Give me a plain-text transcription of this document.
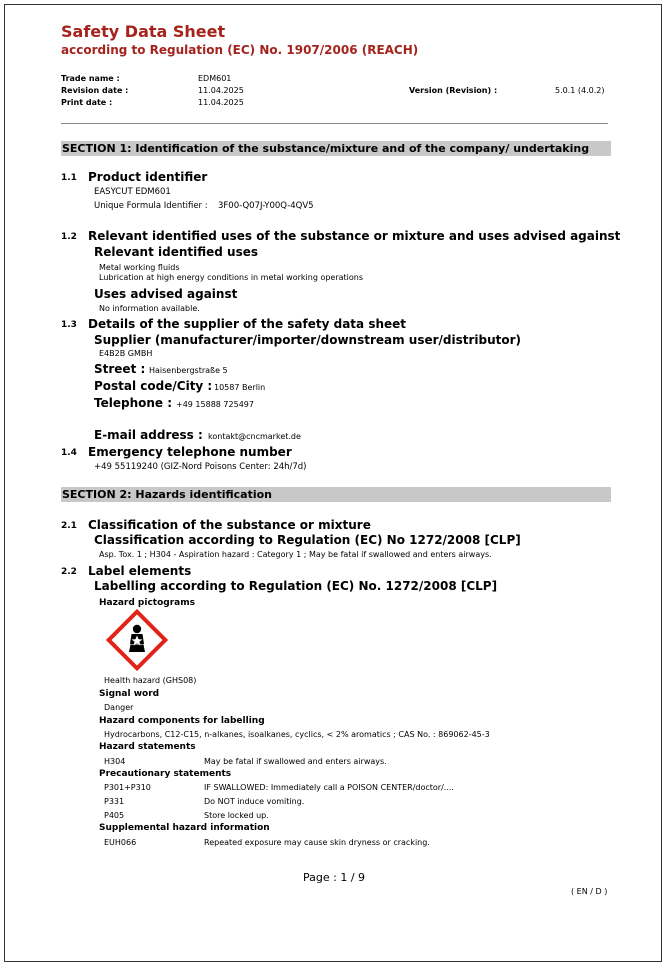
Safety Data Sheet
according to Regulation (EC) No. 1907/2006 (REACH)
Trade name :	EDM601
Revision date :	11.04.2025
Print date :	11.04.2025
Version (Revision) :	5.0.1 (4.0.2)
SECTION 1: Identification of the substance/mixture and of the company/ undertaking
1.1 Product identifier
EASYCUT EDM601
Unique Formula Identifier : 3F00-Q07J-Y00Q-4QV5
1.2 Relevant identified uses of the substance or mixture and uses advised against
Relevant identified uses
Metal working fluids
Lubrication at high energy conditions in metal working operations
Uses advised against
No information available.
1.3 Details of the supplier of the safety data sheet
Supplier (manufacturer/importer/downstream user/distributor)
E4B2B GMBH
Street : Haisenbergstraße 5
Postal code/City : 10587 Berlin
Telephone : +49 15888 725497
E-mail address : kontakt@cncmarket.de
1.4 Emergency telephone number
+49 55119240 (GIZ-Nord Poisons Center: 24h/7d)
SECTION 2: Hazards identification
2.1 Classification of the substance or mixture
Classification according to Regulation (EC) No 1272/2008 [CLP]
Asp. Tox. 1 ; H304 - Aspiration hazard : Category 1 ; May be fatal if swallowed and enters airways.
2.2 Label elements
Labelling according to Regulation (EC) No. 1272/2008 [CLP]
Hazard pictograms
Health hazard (GHS08)
Signal word
Danger
Hazard components for labelling
Hydrocarbons, C12-C15, n-alkanes, isoalkanes, cyclics, < 2% aromatics ; CAS No. : 869062-45-3
Hazard statements
H304	May be fatal if swallowed and enters airways.
Precautionary statements
P301+P310	IF SWALLOWED: Immediately call a POISON CENTER/doctor/....
P331	Do NOT induce vomiting.
P405	Store locked up.
Supplemental hazard information
EUH066	Repeated exposure may cause skin dryness or cracking.
Page : 1 / 9
( EN / D )
